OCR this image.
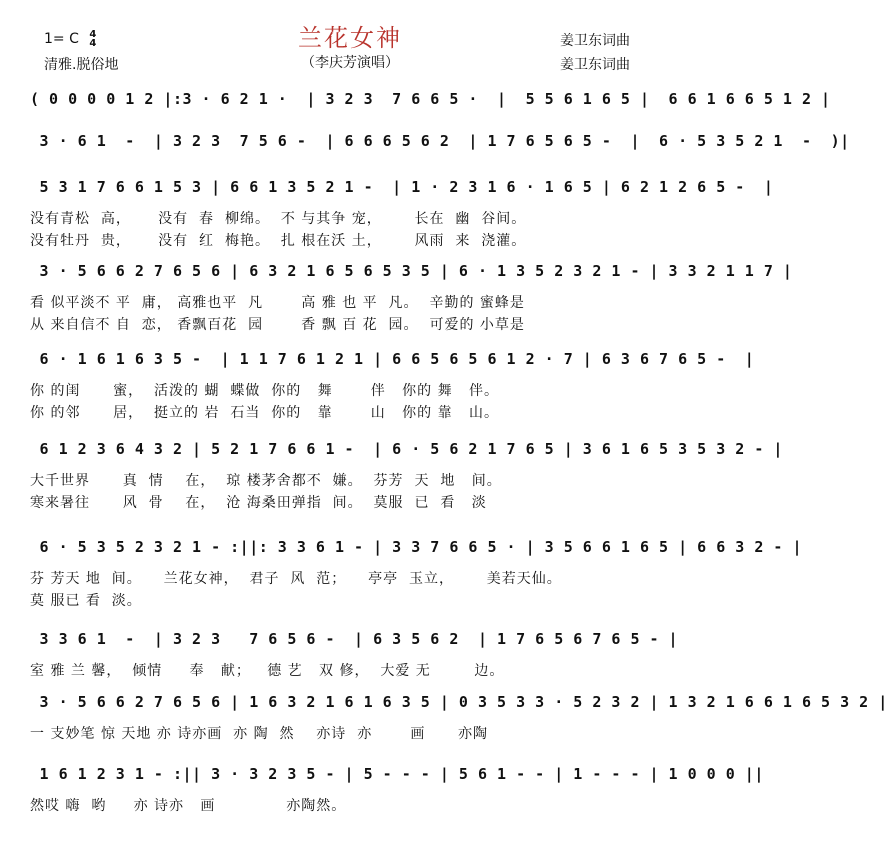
1= C 4
4
清雅.脱俗地
兰花女神
（李庆芳演唱）
姜卫东词曲
姜卫东词曲
( 0 0 0 0 1 2 |:3 · 6 2 1 ·  | 3 2 3  7 6 6 5 ·  |  5 5 6 1 6 5 |  6 6 1 6 6 5 1 2 |
3 · 6 1  -  | 3 2 3  7 5 6 -  | 6 6 6 5 6 2  | 1 7 6 5 6 5 -  |  6 · 5 3 5 2 1  -  )|
5 3 1 7 6 6 1 5 3 | 6 6 1 3 5 2 1 -  | 1 · 2 3 1 6 · 1 6 5 | 6 2 1 2 6 5 -  |
没有青松  高，     没有  春  柳绵。  不 与其争 宠，      长在  幽  谷间。
没有牡丹  贵，     没有  红  梅艳。  扎 根在沃 土，      风雨  来  浇灌。
3 · 5 6 6 2 7 6 5 6 | 6 3 2 1 6 5 6 5 3 5 | 6 · 1 3 5 2 3 2 1 - | 3 3 2 1 1 7 |
看 似平淡不 平  庸， 高雅也平  凡       高 雅 也 平  凡。  辛勤的 蜜蜂是
从 来自信不 自  恋， 香飘百花  园       香 飘 百 花  园。  可爱的 小草是
6 · 1 6 1 6 3 5 -  | 1 1 7 6 1 2 1 | 6 6 5 6 5 6 1 2 · 7 | 6 3 6 7 6 5 -  |
你 的闺      蜜，  活泼的 蝴  蝶做  你的   舞       伴   你的 舞   伴。
你 的邻      居，  挺立的 岩  石当  你的   靠       山   你的 靠   山。
6 1 2 3 6 4 3 2 | 5 2 1 7 6 6 1 -  | 6 · 5 6 2 1 7 6 5 | 3 6 1 6 5 3 5 3 2 - |
大千世界      真  情    在，  琼 楼茅舍都不  嫌。  芬芳  天  地   间。
寒来暑往      风  骨    在，  沧 海桑田弹指  间。  莫服  已  看   淡
6 · 5 3 5 2 3 2 1 - :||: 3 3 6 1 - | 3 3 7 6 6 5 · | 3 5 6 6 1 6 5 | 6 6 3 2 - |
芬 芳天 地  间。    兰花女神，  君子  风  范；    亭亭  玉立，      美若天仙。
莫 服已 看  淡。
3 3 6 1  -  | 3 2 3   7 6 5 6 -  | 6 3 5 6 2  | 1 7 6 5 6 7 6 5 - |
室 雅 兰 馨，  倾情     奉   献；   德 艺   双 修，  大爱 无        边。
3 · 5 6 6 2 7 6 5 6 | 1 6 3 2 1 6 1 6 3 5 | 0 3 5 3 3 · 5 2 3 2 | 1 3 2 1 6 6 1 6 5 3 2 |
一 支妙笔 惊 天地 亦 诗亦画  亦 陶  然    亦诗  亦       画      亦陶
1 6 1 2 3 1 - :|| 3 · 3 2 3 5 - | 5 - - - | 5 6 1 - - | 1 - - - | 1 0 0 0 ||
然哎 嗨  哟     亦 诗亦   画             亦陶然。
